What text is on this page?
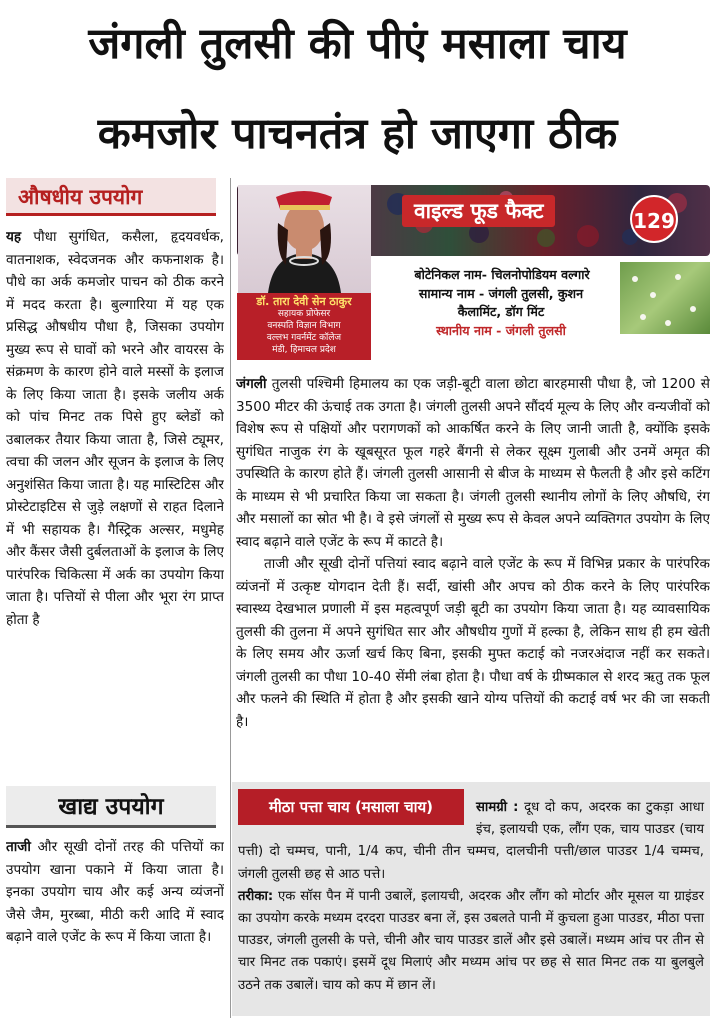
जंगली तुलसी की पीएं मसाला चाय
कमजोर पाचनतंत्र हो जाएगा ठीक
औषधीय उपयोग
यह पौधा सुगंधित, कसैला, हृदयवर्धक, वातनाशक, स्वेदजनक और कफनाशक है। पौधे का अर्क कमजोर पाचन को ठीक करने में मदद करता है। बुल्गारिया में यह एक प्रसिद्ध औषधीय पौधा है, जिसका उपयोग मुख्य रूप से घावों को भरने और वायरस के संक्रमण के कारण होने वाले मस्सों के इलाज के लिए किया जाता है। इसके जलीय अर्क को पांच मिनट तक पिसे हुए ब्लेडों को उबालकर तैयार किया जाता है, जिसे ट्यूमर, त्वचा की जलन और सूजन के इलाज के लिए अनुशंसित किया जाता है। यह मास्टिटिस और प्रोस्टेटाइटिस से जुड़े लक्षणों से राहत दिलाने में भी सहायक है। गैस्ट्रिक अल्सर, मधुमेह और कैंसर जैसी दुर्बलताओं के इलाज के लिए पारंपरिक चिकित्सा में अर्क का उपयोग किया जाता है। पत्तियों से पीला और भूरा रंग प्राप्त होता है
खाद्य उपयोग
ताजी और सूखी दोनों तरह की पत्तियों का उपयोग खाना पकाने में किया जाता है। इनका उपयोग चाय और कई अन्य व्यंजनों जैसे जैम, मुरब्बा, मीठी करी आदि में स्वाद बढ़ाने वाले एजेंट के रूप में किया जाता है।
वाइल्ड फूड फैक्ट	129
डॉ. तारा देवी सेन ठाकुर
सहायक प्रोफेसर
वनस्पति विज्ञान विभाग
वल्लभ गवर्नमेंट कॉलेज
मंडी, हिमाचल प्रदेश
बोटेनिकल नाम- चिलनोपोडियम वल्गारे
सामान्य नाम - जंगली तुलसी, कुशन
कैलामिंट, डॉग मिंट
स्थानीय नाम - जंगली तुलसी

जंगली तुलसी पश्चिमी हिमालय का एक जड़ी-बूटी वाला छोटा बारहमासी पौधा है, जो 1200 से 3500 मीटर की ऊंचाई तक उगता है। जंगली तुलसी अपने सौंदर्य मूल्य के लिए और वन्यजीवों को विशेष रूप से पक्षियों और परागणकों को आकर्षित करने के लिए जानी जाती है, क्योंकि इसके सुगंधित नाजुक रंग के खूबसूरत फूल गहरे बैंगनी से लेकर सूक्ष्म गुलाबी और उनमें अमृत की उपस्थिति के कारण होते हैं। जंगली तुलसी आसानी से बीज के माध्यम से फैलती है और इसे कटिंग के माध्यम से भी प्रचारित किया जा सकता है। जंगली तुलसी स्थानीय लोगों के लिए औषधि, रंग और मसालों का स्रोत भी है। वे इसे जंगलों से मुख्य रूप से केवल अपने व्यक्तिगत उपयोग के लिए स्वाद बढ़ाने वाले एजेंट के रूप में काटते है।

ताजी और सूखी दोनों पत्तियां स्वाद बढ़ाने वाले एजेंट के रूप में विभिन्न प्रकार के पारंपरिक व्यंजनों में उत्कृष्ट योगदान देती हैं। सर्दी, खांसी और अपच को ठीक करने के लिए पारंपरिक स्वास्थ्य देखभाल प्रणाली में इस महत्वपूर्ण जड़ी बूटी का उपयोग किया जाता है। यह व्यावसायिक तुलसी की तुलना में अपने सुगंधित सार और औषधीय गुणों में हल्का है, लेकिन साथ ही हम खेती के लिए समय और ऊर्जा खर्च किए बिना, इसकी मुफ्त कटाई को नजरअंदाज नहीं कर सकते। जंगली तुलसी का पौधा 10-40 सेंमी लंबा होता है। पौधा वर्ष के ग्रीष्मकाल से शरद ऋतु तक फूल और फलने की स्थिति में होता है और इसकी खाने योग्य पत्तियों की कटाई वर्ष भर की जा सकती है।

मीठा पत्ता चाय (मसाला चाय)	सामग्री : दूध दो कप, अदरक का टुकड़ा आधा इंच, इलायची एक, लौंग एक, चाय पाउडर (चाय पत्ती) दो चम्मच, पानी, 1/4 कप, चीनी तीन चम्मच, दालचीनी पत्ती/छाल पाउडर 1/4 चम्मच, जंगली तुलसी छह से आठ पत्ते।

तरीका: एक सॉस पैन में पानी उबालें, इलायची, अदरक और लौंग को मोर्टार और मूसल या ग्राइंडर का उपयोग करके मध्यम दरदरा पाउडर बना लें, इस उबलते पानी में कुचला हुआ पाउडर, मीठा पत्ता पाउडर, जंगली तुलसी के पत्ते, चीनी और चाय पाउडर डालें और इसे उबालें। मध्यम आंच पर तीन से चार मिनट तक पकाएं। इसमें दूध मिलाएं और मध्यम आंच पर छह से सात मिनट तक या बुलबुले उठने तक उबालें। चाय को कप में छान लें।
